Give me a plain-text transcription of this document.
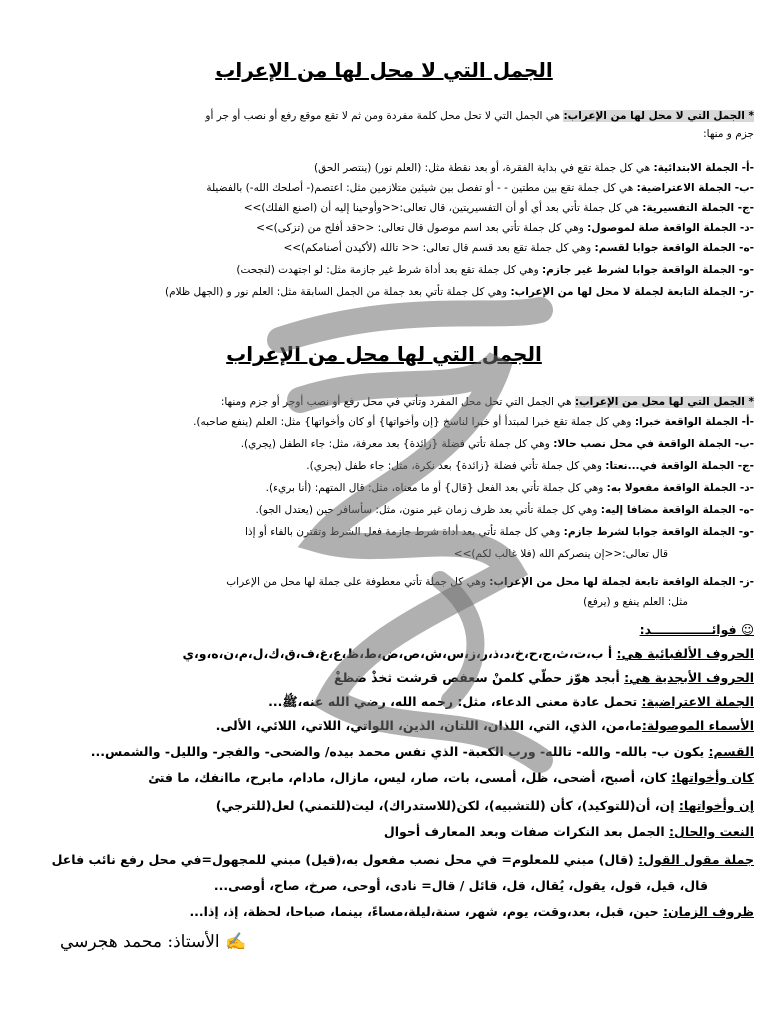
الجمل التي لا محل لها من الإعراب
* الجمل التي لا محل لها من الإعراب: هي الجمل التي لا تحل محل كلمة مفردة ومن ثم لا تقع موقع رفع أو نصب أو جر أو
جزم و منها:
-أ- الجملة الابتدائية: هي كل جملة تقع في بداية الفقرة، أو بعد نقطة مثل: (العلم نور) (ينتصر الحق)
-ب- الجملة الاعتراضية: هي كل جملة تقع بين مطتين - - أو تفصل بين شيئين متلازمين مثل: اعتصم(- أصلحك الله-) بالفضيلة
-ج- الجملة التفسيرية: هي كل جملة تأتي بعد أي أو أن التفسيريتين، قال تعالى:<<وأوحينا إليه أن (اصنع الفلك)>>
-د- الجملة الواقعة صلة لموصول: وهي كل جملة تأتي بعد اسم موصول قال تعالى: <<قد أفلح من (تزكى)>>
-ه- الجملة الواقعة جوابا لقسم: وهي كل جملة تقع بعد قسم قال تعالى: << تالله (لأكيدن أصنامكم)>>
-و- الجملة الواقعة جوابا لشرط غير جازم: وهي كل جملة تقع بعد أداة شرط غير جازمة مثل: لو اجتهدت (لنجحت)
-ز- الجملة التابعة لجملة لا محل لها من الإعراب: وهي كل جملة تأتي بعد جملة من الجمل السابقة مثل: العلم نور و (الجهل ظلام)
الجمل التي لها محل من الإعراب
* الجمل التي لها محل من الإعراب: هي الجمل التي تحل محل المفرد وتأتي في محل رفع أو نصب أوجر أو جزم ومنها:
-أ- الجملة الواقعة خبرا: وهي كل جملة تقع خبرا لمبتدأ أو خبرا لناسخ {إن وأخواتها} أو كان وأخواتها} مثل: العلم (ينفع صاحبه).
-ب- الجملة الواقعة في محل نصب حالا: وهي كل جملة تأتي فضلة {زائدة} بعد معرفة، مثل: جاء الطفل (يجري).
-ج- الجملة الواقعة في...نعتا: وهي كل جملة تأتي فضلة {زائدة} بعد نكرة، مثل: جاء طفل (يجري).
-د- الجملة الواقعة مفعولا به: وهي كل جملة تأتي بعد الفعل {قال} أو ما معناه، مثل: قال المتهم: (أنا بريء).
-ه- الجملة الواقعة مضافا إليه: وهي كل جملة تأتي بعد ظرف زمان غير منون، مثل: سأسافر حين (يعتدل الجو).
-و- الجملة الواقعة جوابا لشرط جازم: وهي كل جملة تأتي بعد أداة شرط جازمة فعل الشرط وتقترن بالفاء أو إذا
قال تعالى:<<إن ينصركم الله (فلا غالب لكم)>>
-ز- الجملة الواقعة تابعة لجملة لها محل من الإعراب: وهي كل جملة تأتي معطوفة على جملة لها محل من الإعراب
مثل: العلم ينفع و (يرفع)
☺ فوائــــــــــــــد:
الحروف الألفبائية هي: أ ب،ت،ث،ج،ح،خ،د،ذ،ر،ز،س،ش،ص،ض،ط،ظ،ع،غ،ف،ق،ك،ل،م،ن،ه،و،ي
الحروف الأبجدية هي: أبجد هوّز حطّي كلمنْ سعفص قرشت ثخذْ ضظغْ
الجملة الاعتراضية: تحمل عادة معنى الدعاء، مثل: رحمه الله، رضي الله عنه،ﷺ...
الأسماء الموصولة:ما،من، الذي، التي، اللذان، اللتان، الذين، اللواتي، اللاتي، اللائي، الألى.
القسم: يكون ب- بالله- والله- تالله- ورب الكعبة- الذي نفس محمد بيده/ والضحى- والفجر- والليل- والشمس...
كان وأخواتها: كان، أصبح، أضحى، ظل، أمسى، بات، صار، ليس، مازال، مادام، مابرح، ماانفك، ما فتئ
إن وأخواتها: إن، أن(للتوكيد)، كأن (للتشبيه)، لكن(للاستدراك)، ليت(للتمني) لعل(للترجي)
النعت والحال: الجمل بعد النكرات صفات وبعد المعارف أحوال
جملة مقول القول: (قال) مبني للمعلوم= في محل نصب مفعول به،(قيل) مبني للمجهول=في محل رفع نائب فاعل
قال، قيل، قول، يقول، يُقال، قل، قائل / قال= نادى، أوحى، صرخ، صاح، أوصى...
ظروف الزمان: حين، قبل، بعد،وقت، يوم، شهر، سنة،ليلة،مساءً، بينما، صباحا، لحظة، إذ، إذا...
✍ الأستاذ: محمد هجرسي
